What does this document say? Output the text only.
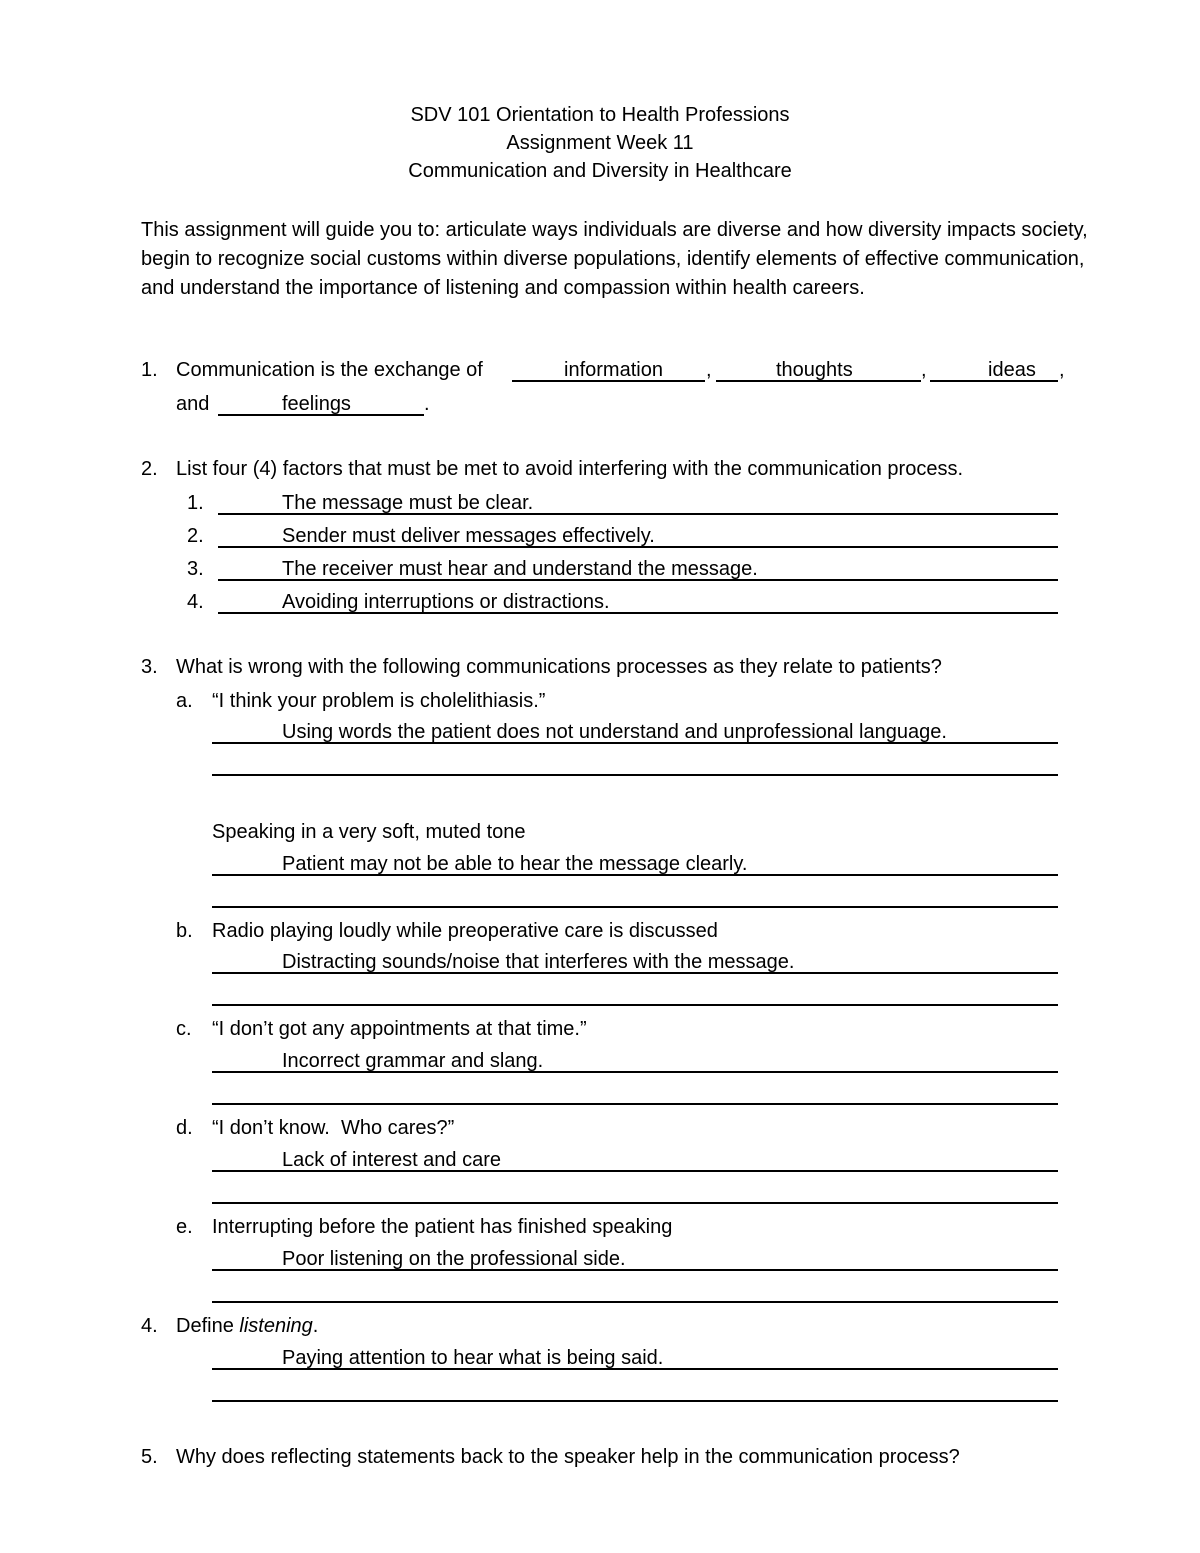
SDV 101 Orientation to Health Professions
Assignment Week 11
Communication and Diversity in Healthcare
This assignment will guide you to: articulate ways individuals are diverse and how diversity impacts society, begin to recognize social customs within diverse populations, identify elements of effective communication, and understand the importance of listening and compassion within health careers.
1. Communication is the exchange of	information ,	thoughts	,	ideas ,
and	feelings	.
2. List four (4) factors that must be met to avoid interfering with the communication process.
1.	The message must be clear.
2.	Sender must deliver messages effectively.
3.	The receiver must hear and understand the message.
4.	Avoiding interruptions or distractions.
3. What is wrong with the following communications processes as they relate to patients?
a. “I think your problem is cholelithiasis.”
Using words the patient does not understand and unprofessional language.
Speaking in a very soft, muted tone
Patient may not be able to hear the message clearly.
b. Radio playing loudly while preoperative care is discussed
Distracting sounds/noise that interferes with the message.
c. “I don’t got any appointments at that time.”
Incorrect grammar and slang.
d. “I don’t know.  Who cares?”
Lack of interest and care
e. Interrupting before the patient has finished speaking
Poor listening on the professional side.
4. Define listening.
Paying attention to hear what is being said.
5. Why does reflecting statements back to the speaker help in the communication process?
